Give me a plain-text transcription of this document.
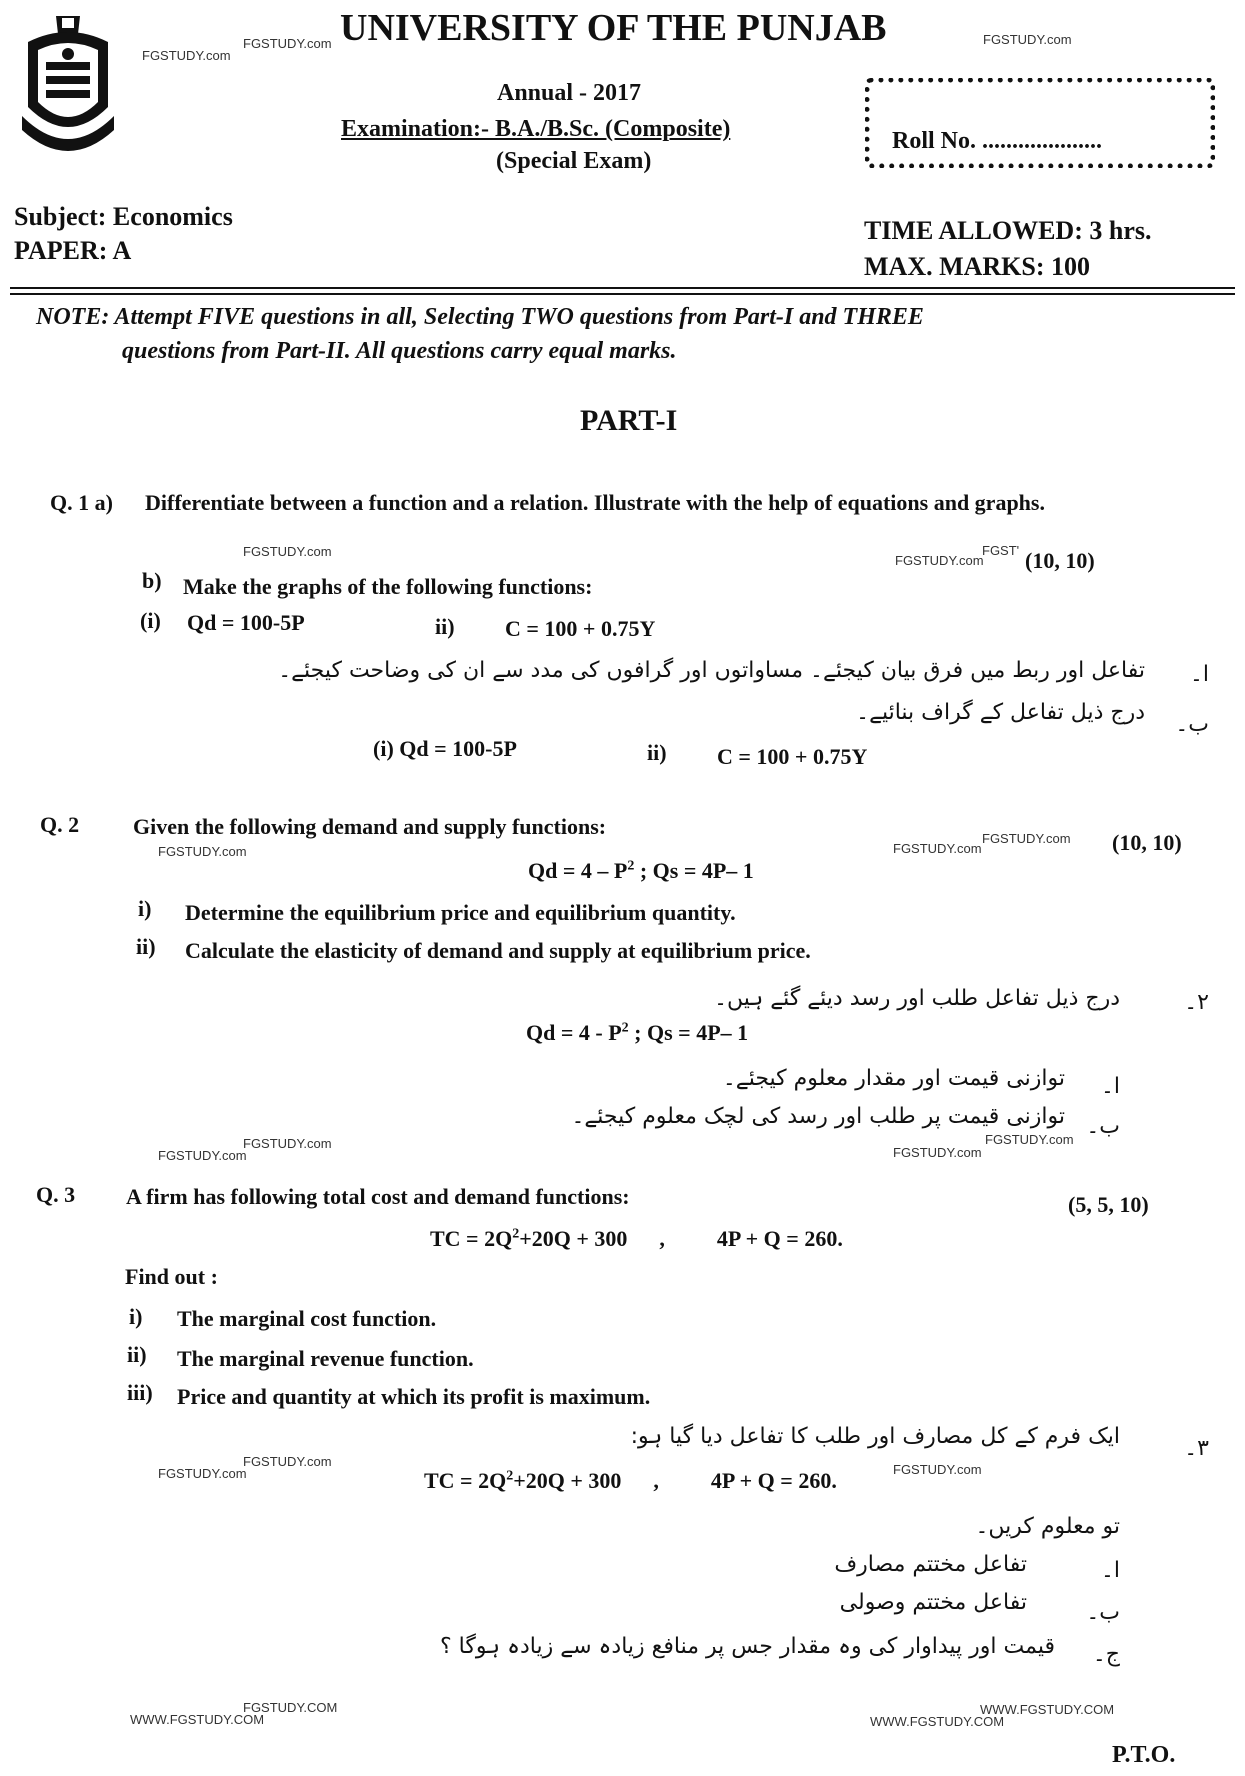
UNIVERSITY OF THE PUNJAB
Annual - 2017
Examination:- B.A./B.Sc. (Composite)
(Special Exam)
Roll No. ....................
Subject: Economics
PAPER: A
TIME ALLOWED: 3 hrs.
MAX. MARKS: 100
NOTE: Attempt FIVE questions in all, Selecting TWO questions from Part-I and THREE
questions from Part-II. All questions carry equal marks.
PART-I
Q. 1 a) Differentiate between a function and a relation. Illustrate with the help of equations and graphs.
(10, 10)
b) Make the graphs of the following functions:
(i) Qd = 100-5P	ii) C = 100 + 0.75Y
تفاعل اور ربط میں فرق بیان کیجئے۔ مساواتوں اور گرافوں کی مدد سے ان کی وضاحت کیجئے۔ ا۔
درج ذیل تفاعل کے گراف بنائیے۔ ب۔
(i) Qd = 100-5P	ii) C = 100 + 0.75Y
Q. 2 Given the following demand and supply functions:
(10, 10)
$Qd = 4 - P^2$ ; Qs = 4P– 1
i) Determine the equilibrium price and equilibrium quantity.
ii) Calculate the elasticity of demand and supply at equilibrium price.
درج ذیل تفاعل طلب اور رسد دیئے گئے ہیں۔	۲۔
$Qd = 4 - P^2$ ; Qs = 4P– 1
توازنی قیمت اور مقدار معلوم کیجئے۔ ا۔
توازنی قیمت پر طلب اور رسد کی لچک معلوم کیجئے۔ ب۔
Q. 3 A firm has following total cost and demand functions:	(5, 5, 10)
TC = $2Q^2+20Q + 300$ , 4P + Q = 260.
Find out :
i) The marginal cost function.
ii) The marginal revenue function.
iii) Price and quantity at which its profit is maximum.
ایک فرم کے کل مصارف اور طلب کا تفاعل دیا گیا ہو:	۳۔
TC = $2Q^2+20Q + 300$ , 4P + Q = 260.
تو معلوم کریں۔
تفاعل مختتم مصارف	ا۔
تفاعل مختتم وصولی	ب۔
قیمت اور پیداوار کی وہ مقدار جس پر منافع زیادہ سے زیادہ ہوگا ؟ ج۔
P.T.O.
FGSTUDY.com
FGSTUDY.com
FGSTUDY.com
FGSTUDY.com
FGSTUDY.com
FGST'
FGSTUDY.com	FGSTUDY.com
FGSTUDY.com
FGSTUDY.com
FGSTUDY.com	FGSTUDY.com
FGSTUDY.com
FGSTUDY.com
FGSTUDY.com	FGSTUDY.com
FGSTUDY.COM
WWW.FGSTUDY.COM
WWW.FGSTUDY.COM
WWW.FGSTUDY.COM
